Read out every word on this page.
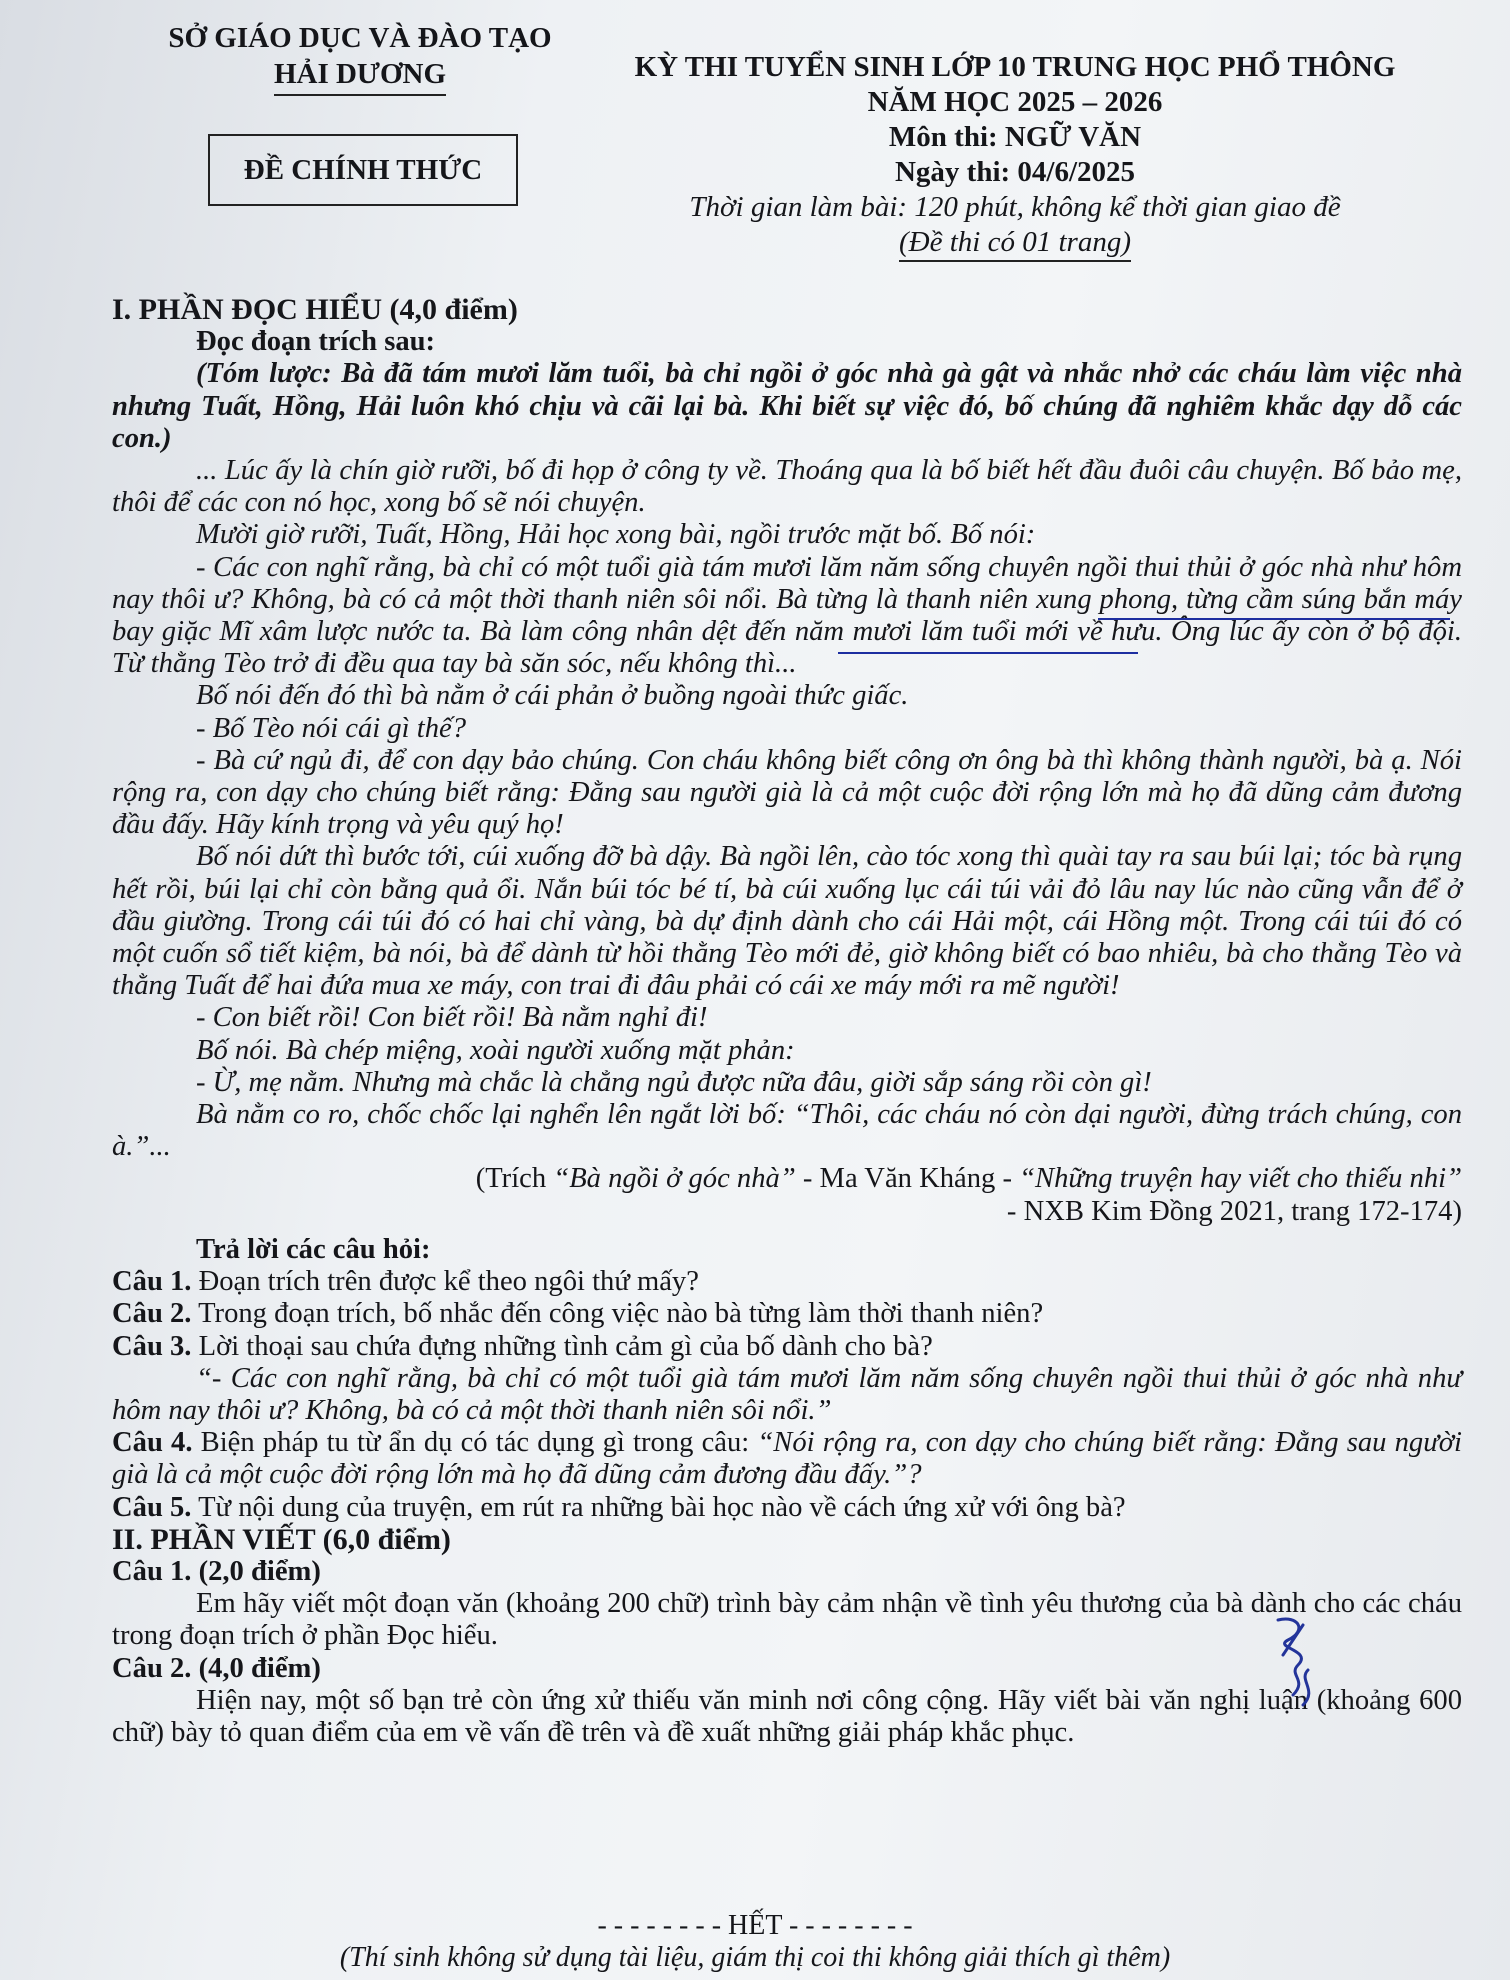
SỞ GIÁO DỤC VÀ ĐÀO TẠO
HẢI DƯƠNG
ĐỀ CHÍNH THỨC
KỲ THI TUYỂN SINH LỚP 10 TRUNG HỌC PHỔ THÔNG
NĂM HỌC 2025 – 2026
Môn thi: NGỮ VĂN
Ngày thi: 04/6/2025
Thời gian làm bài: 120 phút, không kể thời gian giao đề
(Đề thi có 01 trang)

I. PHẦN ĐỌC HIỂU (4,0 điểm)

Đọc đoạn trích sau:

(Tóm lược: Bà đã tám mươi lăm tuổi, bà chỉ ngồi ở góc nhà gà gật và nhắc nhở các cháu làm việc nhà nhưng Tuất, Hồng, Hải luôn khó chịu và cãi lại bà. Khi biết sự việc đó, bố chúng đã nghiêm khắc dạy dỗ các con.)

... Lúc ấy là chín giờ rưỡi, bố đi họp ở công ty về. Thoáng qua là bố biết hết đầu đuôi câu chuyện. Bố bảo mẹ, thôi để các con nó học, xong bố sẽ nói chuyện.

Mười giờ rưỡi, Tuất, Hồng, Hải học xong bài, ngồi trước mặt bố. Bố nói:

- Các con nghĩ rằng, bà chỉ có một tuổi già tám mươi lăm năm sống chuyên ngồi thui thủi ở góc nhà như hôm nay thôi ư? Không, bà có cả một thời thanh niên sôi nổi. Bà từng là thanh niên xung phong, từng cầm súng bắn máy bay giặc Mĩ xâm lược nước ta. Bà làm công nhân dệt đến năm mươi lăm tuổi mới về hưu. Ông lúc ấy còn ở bộ đội. Từ thằng Tèo trở đi đều qua tay bà săn sóc, nếu không thì...

Bố nói đến đó thì bà nằm ở cái phản ở buồng ngoài thức giấc.

- Bố Tèo nói cái gì thế?

- Bà cứ ngủ đi, để con dạy bảo chúng. Con cháu không biết công ơn ông bà thì không thành người, bà ạ. Nói rộng ra, con dạy cho chúng biết rằng: Đằng sau người già là cả một cuộc đời rộng lớn mà họ đã dũng cảm đương đầu đấy. Hãy kính trọng và yêu quý họ!

Bố nói dứt thì bước tới, cúi xuống đỡ bà dậy. Bà ngồi lên, cào tóc xong thì quài tay ra sau búi lại; tóc bà rụng hết rồi, búi lại chỉ còn bằng quả ổi. Nắn búi tóc bé tí, bà cúi xuống lục cái túi vải đỏ lâu nay lúc nào cũng vẫn để ở đầu giường. Trong cái túi đó có hai chỉ vàng, bà dự định dành cho cái Hải một, cái Hồng một. Trong cái túi đó có một cuốn sổ tiết kiệm, bà nói, bà để dành từ hồi thằng Tèo mới đẻ, giờ không biết có bao nhiêu, bà cho thằng Tèo và thằng Tuất để hai đứa mua xe máy, con trai đi đâu phải có cái xe máy mới ra mẽ người!

- Con biết rồi! Con biết rồi! Bà nằm nghỉ đi!

Bố nói. Bà chép miệng, xoài người xuống mặt phản:

- Ừ, mẹ nằm. Nhưng mà chắc là chẳng ngủ được nữa đâu, giời sắp sáng rồi còn gì!

Bà nằm co ro, chốc chốc lại nghển lên ngắt lời bố: “Thôi, các cháu nó còn dại người, đừng trách chúng, con à.”...

(Trích “Bà ngồi ở góc nhà” - Ma Văn Kháng - “Những truyện hay viết cho thiếu nhi”

- NXB Kim Đồng 2021, trang 172-174)

Trả lời các câu hỏi:

Câu 1. Đoạn trích trên được kể theo ngôi thứ mấy?

Câu 2. Trong đoạn trích, bố nhắc đến công việc nào bà từng làm thời thanh niên?

Câu 3. Lời thoại sau chứa đựng những tình cảm gì của bố dành cho bà?

“- Các con nghĩ rằng, bà chỉ có một tuổi già tám mươi lăm năm sống chuyên ngồi thui thủi ở góc nhà như hôm nay thôi ư? Không, bà có cả một thời thanh niên sôi nổi.”

Câu 4. Biện pháp tu từ ẩn dụ có tác dụng gì trong câu: “Nói rộng ra, con dạy cho chúng biết rằng: Đằng sau người già là cả một cuộc đời rộng lớn mà họ đã dũng cảm đương đầu đấy.”?

Câu 5. Từ nội dung của truyện, em rút ra những bài học nào về cách ứng xử với ông bà?

II. PHẦN VIẾT (6,0 điểm)

Câu 1. (2,0 điểm)

Em hãy viết một đoạn văn (khoảng 200 chữ) trình bày cảm nhận về tình yêu thương của bà dành cho các cháu trong đoạn trích ở phần Đọc hiểu.

Câu 2. (4,0 điểm)

Hiện nay, một số bạn trẻ còn ứng xử thiếu văn minh nơi công cộng. Hãy viết bài văn nghị luận (khoảng 600 chữ) bày tỏ quan điểm của em về vấn đề trên và đề xuất những giải pháp khắc phục.

- - - - - - - - HẾT - - - - - - - -
(Thí sinh không sử dụng tài liệu, giám thị coi thi không giải thích gì thêm)
